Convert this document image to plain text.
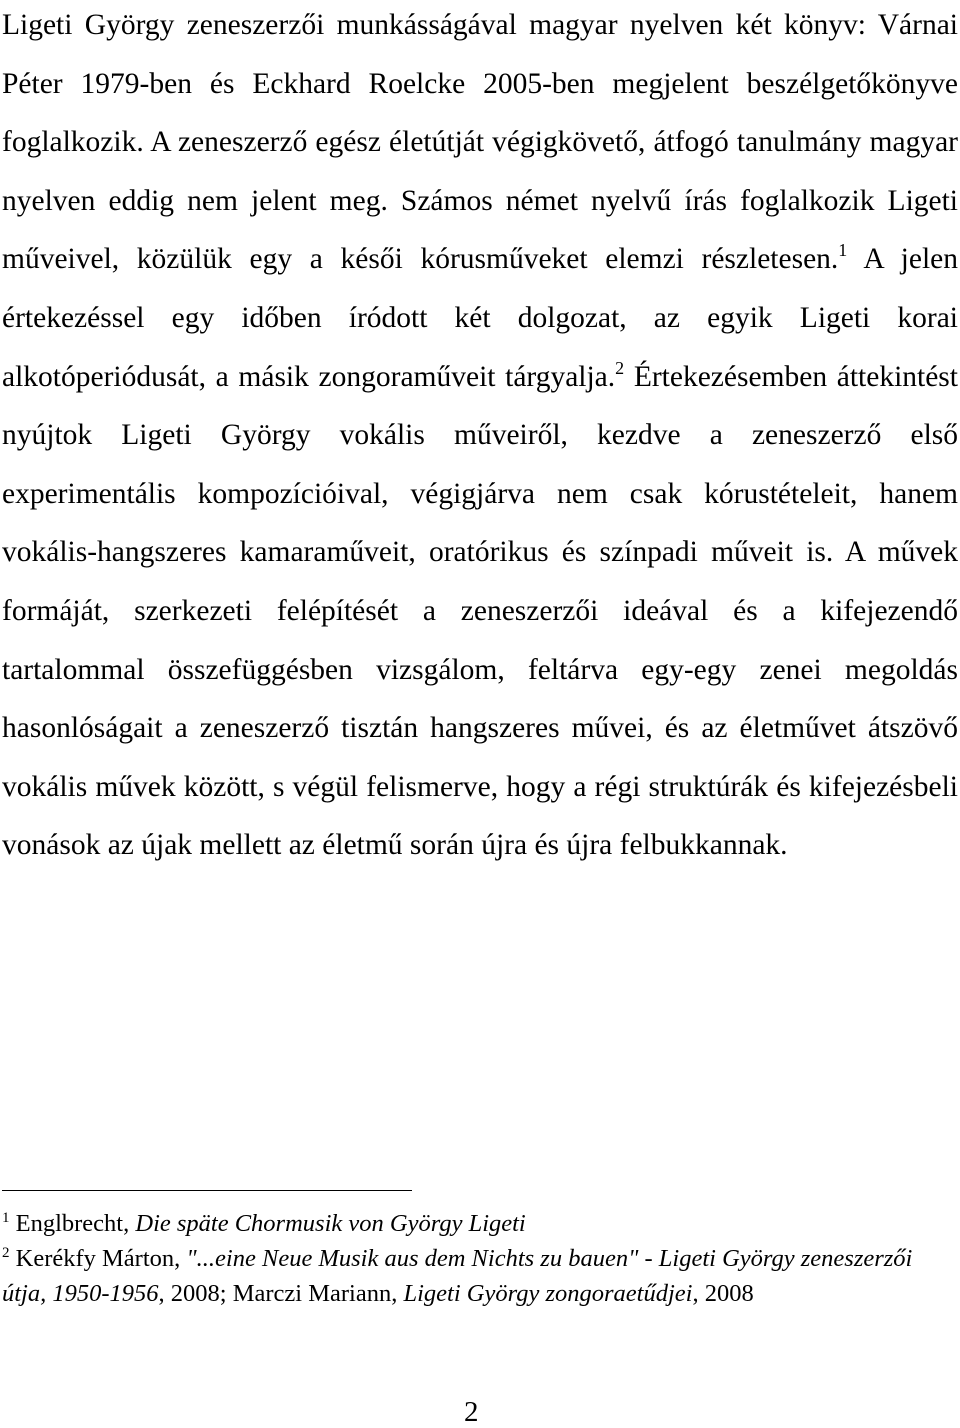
Ligeti György zeneszerzői munkásságával magyar nyelven két könyv: Várnai Péter 1979-ben és Eckhard Roelcke 2005-ben megjelent beszélgetőkönyve foglalkozik. A zeneszerző egész életútját végigkövető, átfogó tanulmány magyar nyelven eddig nem jelent meg. Számos német nyelvű írás foglalkozik Ligeti műveivel, közülük egy a késői kórusműveket elemzi részletesen.$^1$ A jelen értekezéssel egy időben íródott két dolgozat, az egyik Ligeti korai alkotóperiódusát, a másik zongoraműveit tárgyalja.$^2$ Értekezésemben áttekintést nyújtok Ligeti György vokális műveiről, kezdve a zeneszerző első experimentális kompozícióival, végigjárva nem csak kórustételeit, hanem vokális-hangszeres kamaraműveit, oratórikus és színpadi műveit is. A művek formáját, szerkezeti felépítését a zeneszerzői ideával és a kifejezendő tartalommal összefüggésben vizsgálom, feltárva egy-egy zenei megoldás hasonlóságait a zeneszerző tisztán hangszeres művei, és az életművet átszövő vokális művek között, s végül felismerve, hogy a régi struktúrák és kifejezésbeli vonások az újak mellett az életmű során újra és újra felbukkannak.

$^1$ Englbrecht, Die späte Chormusik von György Ligeti

$^2$ Kerékfy Márton, "...eine Neue Musik aus dem Nichts zu bauen" - Ligeti György zeneszerzői útja, 1950-1956, 2008; Marczi Mariann, Ligeti György zongoraetűdjei, 2008

2
